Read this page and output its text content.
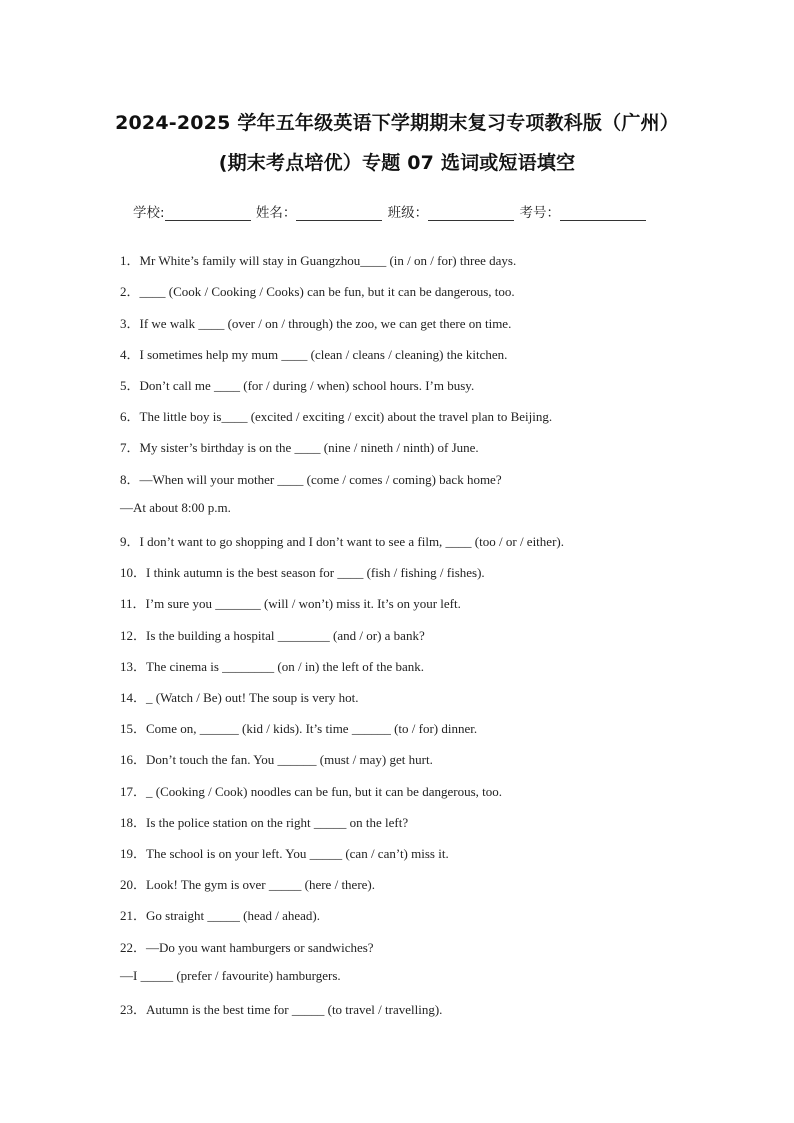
2024-2025 学年五年级英语下学期期末复习专项教科版（广州）
(期末考点培优）专题 07 选词或短语填空
学校:	姓名：	班级：	考号：
1．Mr White’s family will stay in Guangzhou____ (in / on / for) three days.
2．____ (Cook / Cooking / Cooks) can be fun, but it can be dangerous, too.
3．If we walk ____ (over / on / through) the zoo, we can get there on time.
4．I sometimes help my mum ____ (clean / cleans / cleaning) the kitchen.
5．Don’t call me ____ (for / during / when) school hours. I’m busy.
6．The little boy is____ (excited / exciting / excit) about the travel plan to Beijing.
7．My sister’s birthday is on the ____ (nine / nineth / ninth) of June.
8．—When will your mother ____ (come / comes / coming) back home?
—At about 8:00 p.m.
9．I don’t want to go shopping and I don’t want to see a film, ____ (too / or / either).
10．I think autumn is the best season for ____ (fish / fishing / fishes).
11．I’m sure you _______ (will / won’t) miss it. It’s on your left.
12．Is the building a hospital ________ (and / or) a bank?
13．The cinema is ________ (on / in) the left of the bank.
14．_ (Watch / Be) out! The soup is very hot.
15．Come on, ______ (kid / kids). It’s time ______ (to / for) dinner.
16．Don’t touch the fan. You ______ (must / may) get hurt.
17．_ (Cooking / Cook) noodles can be fun, but it can be dangerous, too.
18．Is the police station on the right _____ on the left?
19．The school is on your left. You _____ (can / can’t) miss it.
20．Look! The gym is over _____ (here / there).
21．Go straight _____ (head / ahead).
22．—Do you want hamburgers or sandwiches?
—I _____ (prefer / favourite) hamburgers.
23．Autumn is the best time for _____ (to travel / travelling).
